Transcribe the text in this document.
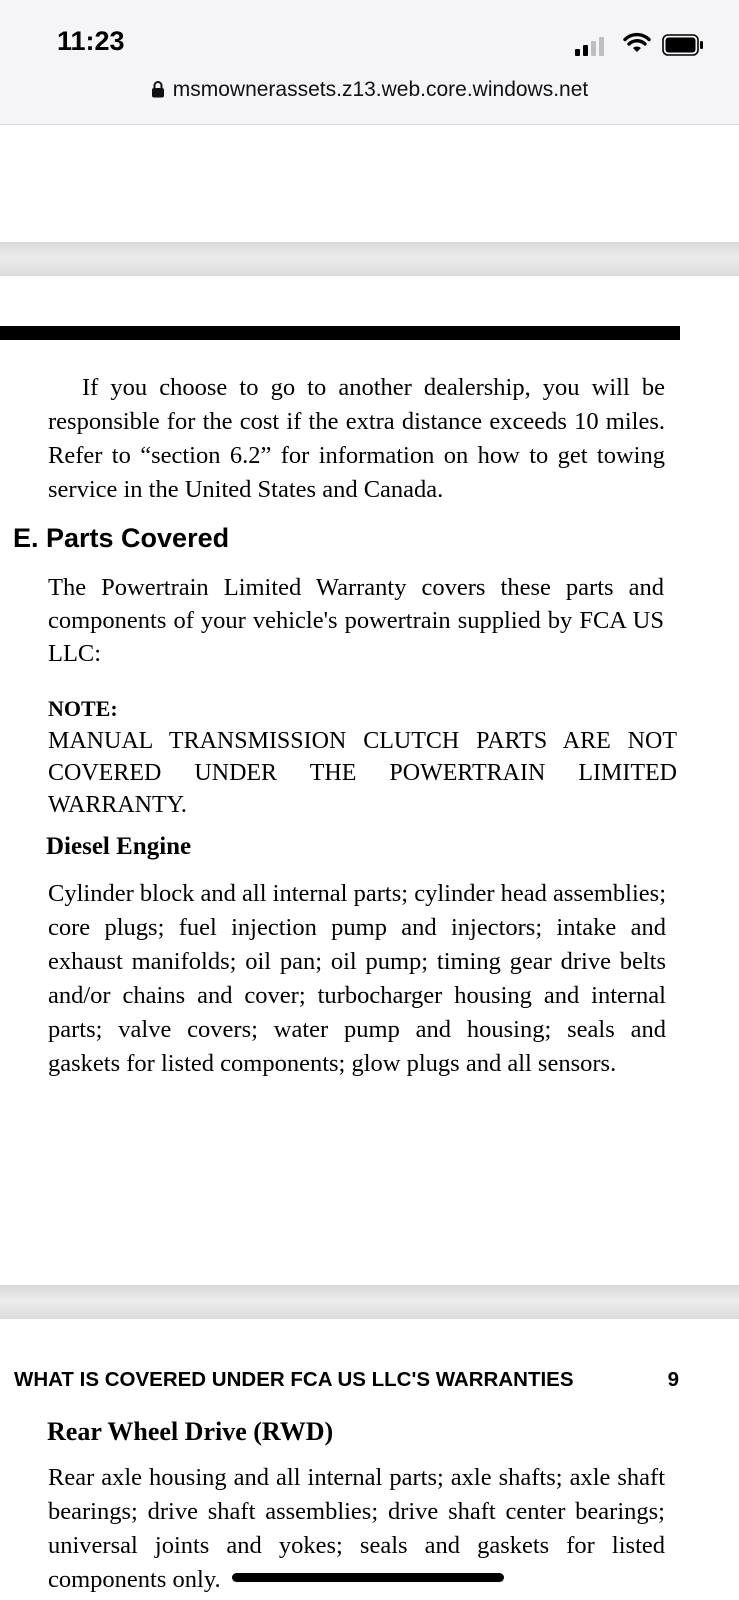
11:23
msmownerassets.z13.web.core.windows.net

If you choose to go to another dealership, you will be responsible for the cost if the extra distance exceeds 10 miles. Refer to “section 6.2” for information on how to get towing service in the United States and Canada.

E. Parts Covered

The Powertrain Limited Warranty covers these parts and components of your vehicle's powertrain supplied by FCA US LLC:

NOTE:

MANUAL TRANSMISSION CLUTCH PARTS ARE NOT COVERED UNDER THE POWERTRAIN LIMITED WARRANTY.

Diesel Engine

Cylinder block and all internal parts; cylinder head assemblies; core plugs; fuel injection pump and injectors; intake and exhaust manifolds; oil pan; oil pump; timing gear drive belts and/or chains and cover; turbocharger housing and internal parts; valve covers; water pump and housing; seals and gaskets for listed components; glow plugs and all sensors.

WHAT IS COVERED UNDER FCA US LLC'S WARRANTIES	9
Rear Wheel Drive (RWD)

Rear axle housing and all internal parts; axle shafts; axle shaft bearings; drive shaft assemblies; drive shaft center bearings; universal joints and yokes; seals and gaskets for listed components only.
